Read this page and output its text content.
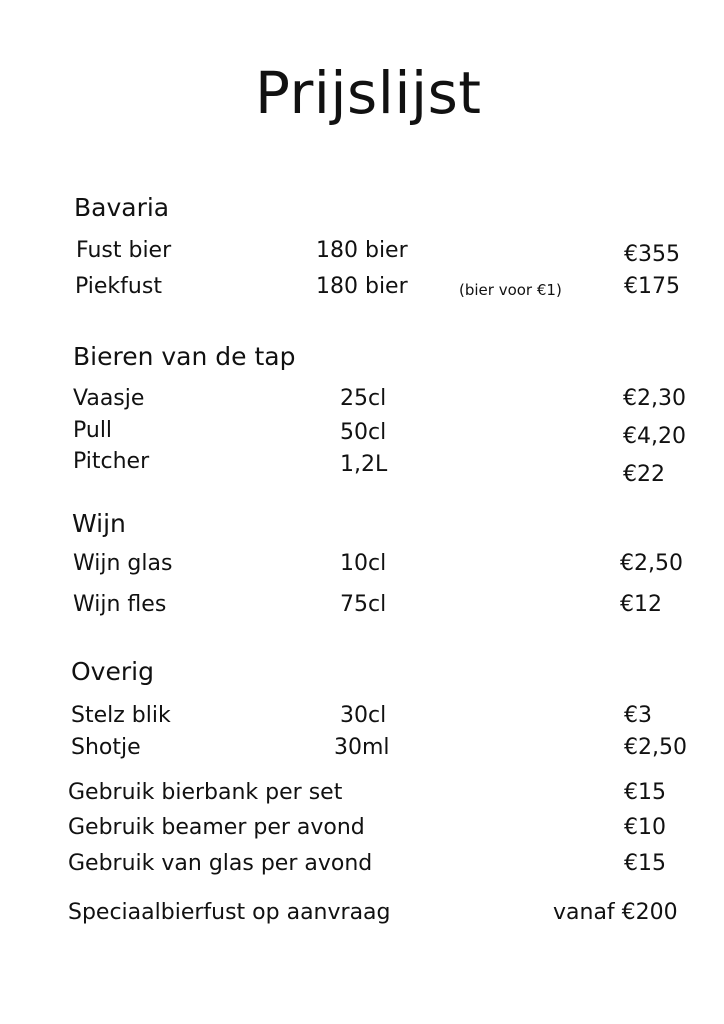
Prijslijst
Bavaria
Fust bier	180 bier	€355
Piekfust	180 bier	(bier voor €1)	€175
Bieren van de tap
Vaasje	25cl	€2,30
Pull	50cl	€4,20
Pitcher	1,2L	€22
Wijn
Wijn glas	10cl	€2,50
Wijn fles	75cl	€12
Overig
Stelz blik	30cl	€3
Shotje	30ml	€2,50
Gebruik bierbank per set	€15
Gebruik beamer per avond	€10
Gebruik van glas per avond	€15
Speciaalbierfust op aanvraag	vanaf €200
